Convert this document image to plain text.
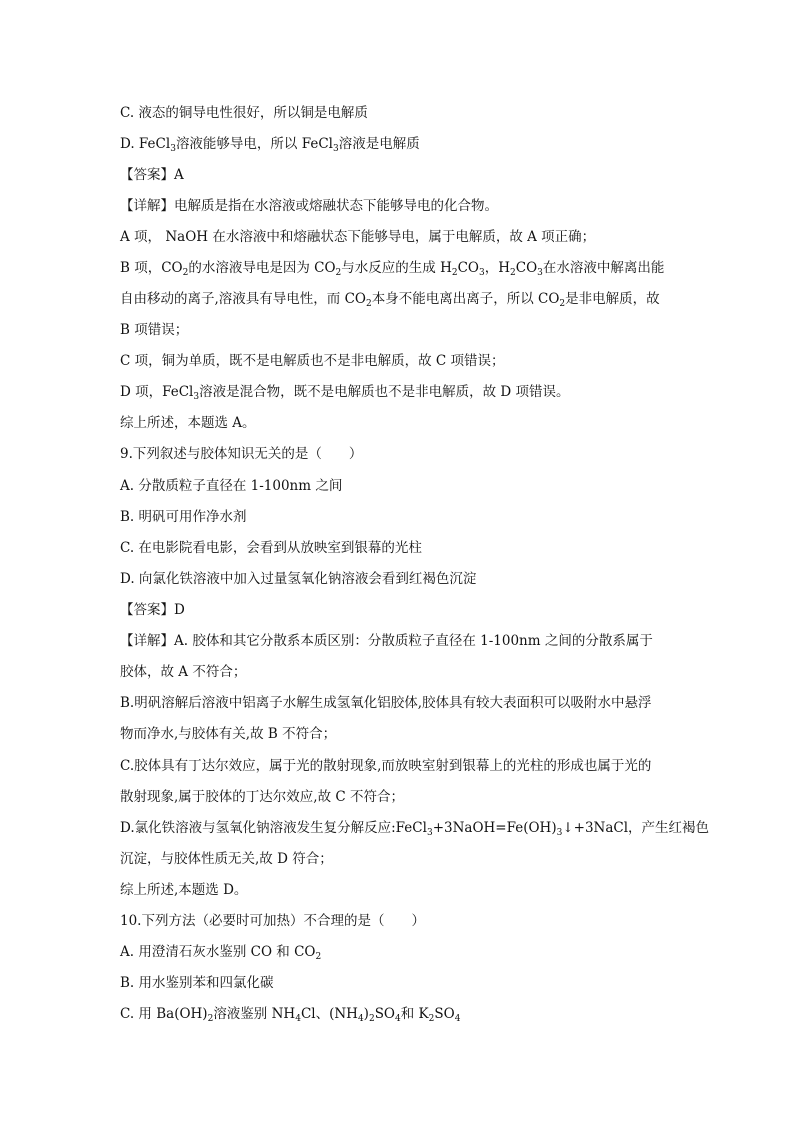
C. 液态的铜导电性很好，所以铜是电解质
D. FeCl$_3$溶液能够导电，所以 FeCl$_3$溶液是电解质
【答案】A
【详解】电解质是指在水溶液或熔融状态下能够导电的化合物。
A 项， NaOH 在水溶液中和熔融状态下能够导电，属于电解质，故 A 项正确；
B 项，$CO_2$的水溶液导电是因为 $CO_2$与水反应的生成 $H_2CO_3$，$H_2CO_3$在水溶液中解离出能
自由移动的离子,溶液具有导电性，而 $CO_2$本身不能电离出离子，所以 $CO_2$是非电解质，故
B 项错误；
C 项，铜为单质，既不是电解质也不是非电解质，故 C 项错误；
D 项，FeCl$_3$溶液是混合物，既不是电解质也不是非电解质，故 D 项错误。
综上所述，本题选 A。
9.下列叙述与胶体知识无关的是（　　）
A. 分散质粒子直径在 1-100nm 之间
B. 明矾可用作净水剂
C. 在电影院看电影，会看到从放映室到银幕的光柱
D. 向氯化铁溶液中加入过量氢氧化钠溶液会看到红褐色沉淀
【答案】D
【详解】A. 胶体和其它分散系本质区别：分散质粒子直径在 1-100nm 之间的分散系属于
胶体，故 A 不符合；
B.明矾溶解后溶液中铝离子水解生成氢氧化铝胶体,胶体具有较大表面积可以吸附水中悬浮
物而净水,与胶体有关,故 B 不符合；
C.胶体具有丁达尔效应，属于光的散射现象,而放映室射到银幕上的光柱的形成也属于光的
散射现象,属于胶体的丁达尔效应,故 C 不符合；
D.氯化铁溶液与氢氧化钠溶液发生复分解反应$:FeCl_3+3NaOH=Fe(OH)_3↓+3NaCl$，产生红褐色
沉淀，与胶体性质无关,故 D 符合；
综上所述,本题选 D。
10.下列方法（必要时可加热）不合理的是（　　）
A. 用澄清石灰水鉴别 CO 和 $CO_2$
B. 用水鉴别苯和四氯化碳
C. 用 $Ba(OH)_2$溶液鉴别 $NH_4Cl$、$(NH_4)_2SO_4$和 $K_2SO_4$
